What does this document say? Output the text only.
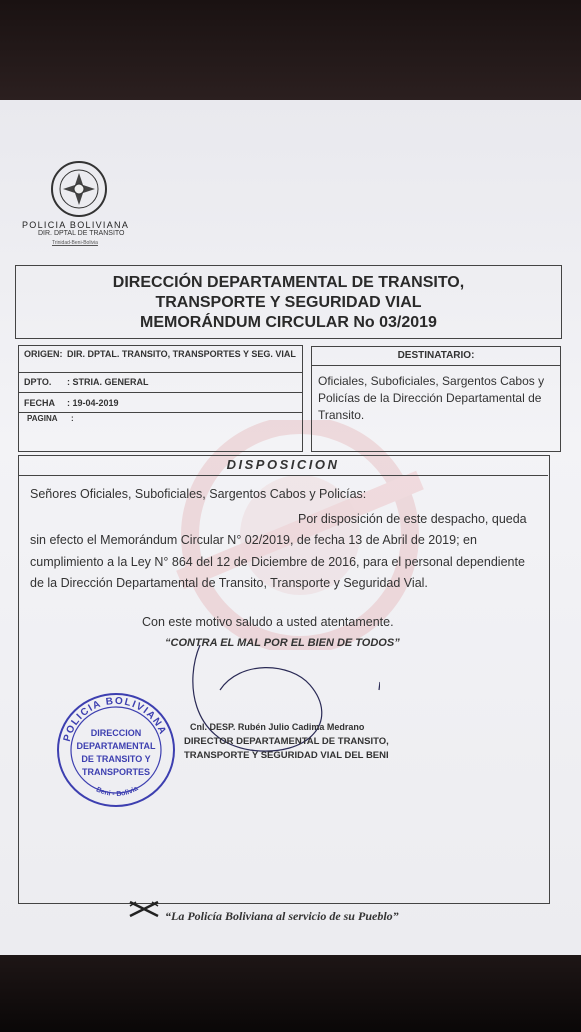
POLICIA BOLIVIANA
DIR. DPTAL DE TRANSITO
Trinidad-Beni-Bolivia
DIRECCIÓN DEPARTAMENTAL DE TRANSITO,
TRANSPORTE Y SEGURIDAD VIAL
MEMORÁNDUM CIRCULAR No 03/2019
ORIGEN: DIR. DPTAL. TRANSITO, TRANSPORTES Y SEG. VIAL
DPTO. : STRIA. GENERAL
FECHA : 19-04-2019
PAGINA :
DESTINATARIO:
Oficiales, Suboficiales, Sargentos Cabos y Policías de la Dirección Departamental de Transito.
DISPOSICION
Señores Oficiales, Suboficiales, Sargentos Cabos y Policías:
Por disposición de este despacho, queda
sin efecto el Memorándum Circular N° 02/2019, de fecha 13 de Abril de 2019; en
cumplimiento a la Ley N° 864 del 12 de Diciembre de 2016, para el personal dependiente
de la Dirección Departamental de Transito, Transporte y Seguridad Vial.
Con este motivo saludo a usted atentamente.
“CONTRA EL MAL POR EL BIEN DE TODOS”
Cnl. DESP. Rubén Julio Cadima Medrano
DIRECTOR DEPARTAMENTAL DE TRANSITO,
TRANSPORTE Y SEGURIDAD VIAL DEL BENI
POLICIA BOLIVIANA
Beni - Bolivia
DIRECCION
DEPARTAMENTAL
DE TRANSITO Y
TRANSPORTES
“La Policía Boliviana al servicio de su Pueblo”
